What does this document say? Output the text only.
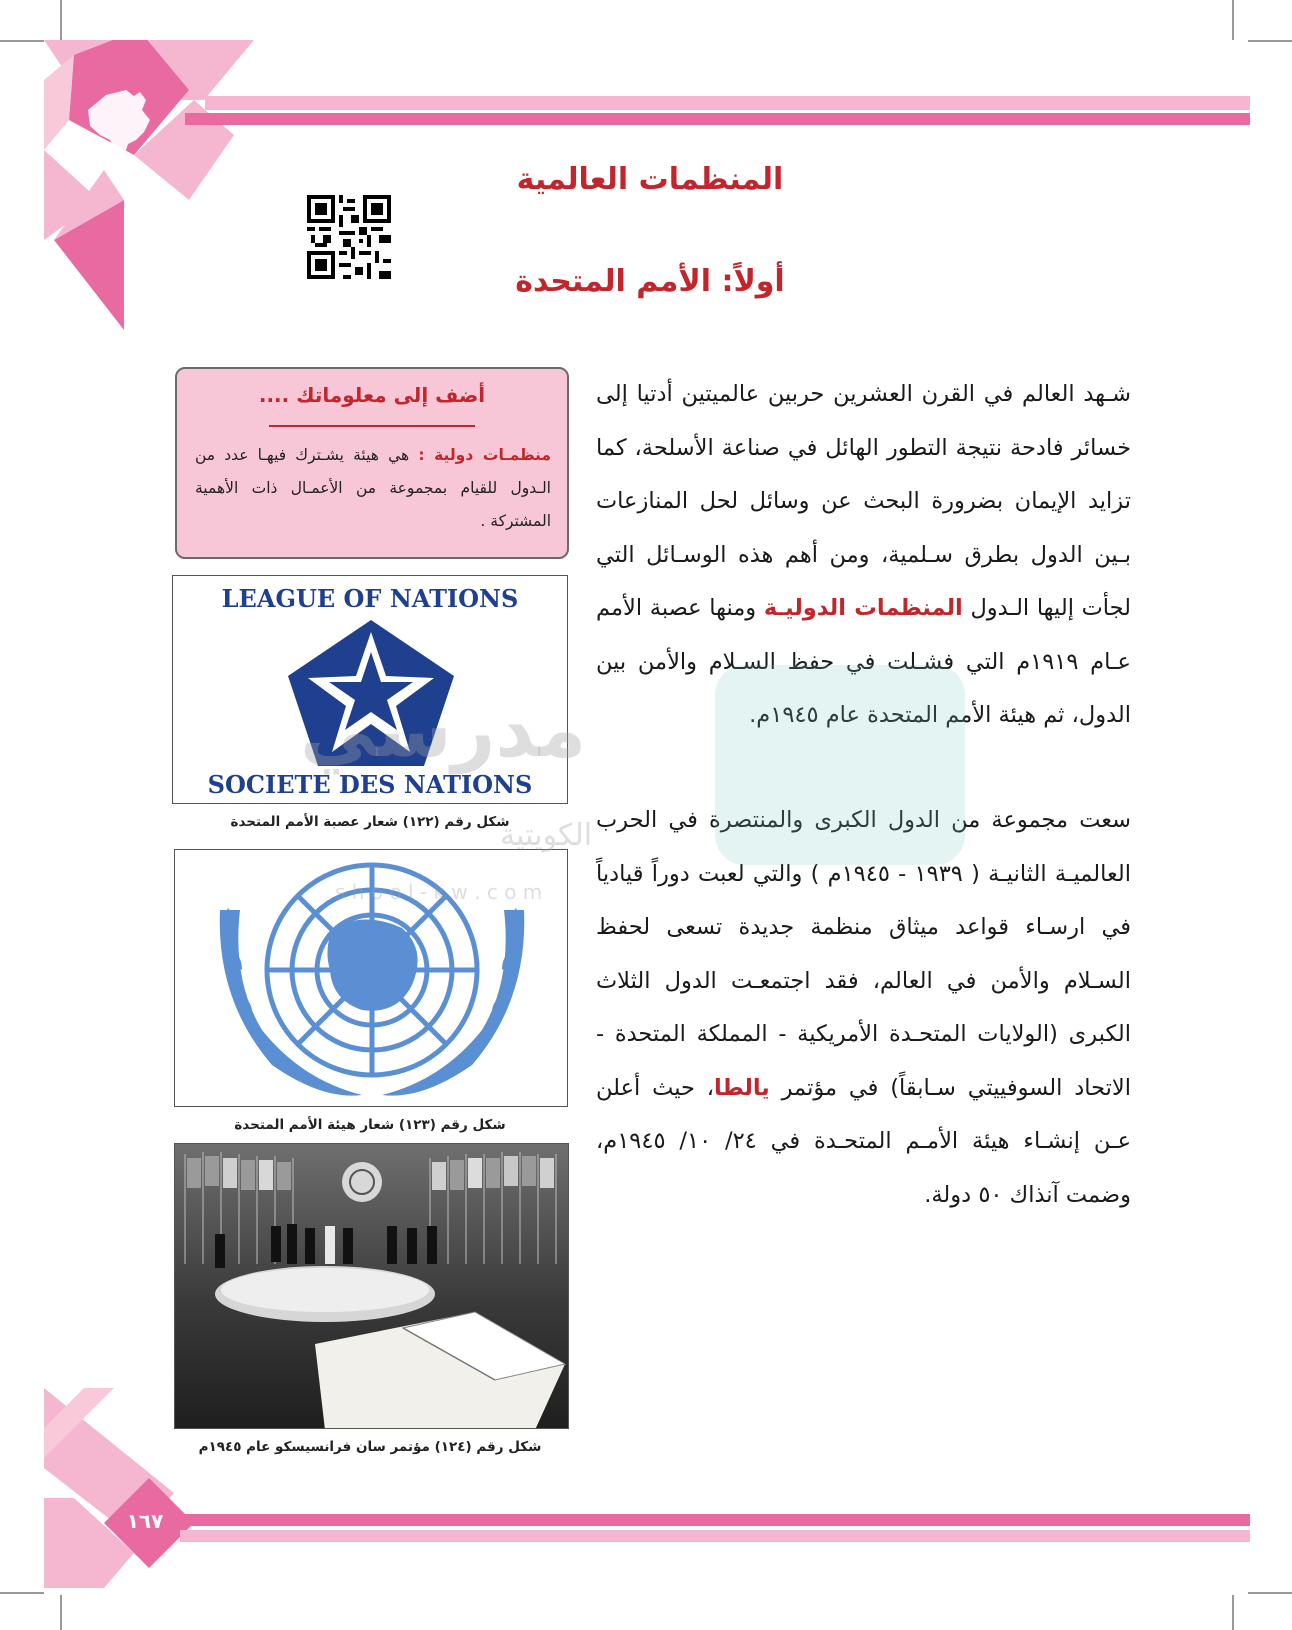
المنظمات العالمية
أولاً: الأمم المتحدة
شـهد العالم في القرن العشرين حربين عالميتين أدتيا إلى خسائر فادحة نتيجة التطور الهائل في صناعة الأسلحة، كما تزايد الإيمان بضرورة البحث عن وسائل لحل المنازعات بـين الدول بطرق سـلمية، ومن أهم هذه الوسـائل التي لجأت إليها الـدول المنظمات الدوليـة ومنها عصبة الأمم عـام ١٩١٩م التي فشـلت في حفظ السـلام والأمن بين الدول، ثم هيئة الأمم المتحدة عام ١٩٤٥م.
سعت مجموعة من الدول الكبرى والمنتصرة في الحرب العالميـة الثانيـة ( ١٩٣٩ - ١٩٤٥م ) والتي لعبت دوراً قيادياً في ارسـاء قواعد ميثاق منظمة جديدة تسعى لحفظ السـلام والأمن في العالم، فقد اجتمعـت الدول الثلاث الكبرى (الولايات المتحـدة الأمريكية - المملكة المتحدة - الاتحاد السوفييتي سـابقاً) في مؤتمر يالطا، حيث أعلن عـن إنشـاء هيئة الأمـم المتحـدة في ٢٤/ ١٠/ ١٩٤٥م، وضمت آنذاك ٥٠ دولة.
أضف إلى معلوماتك ....
منظمـات دولية : هي هيئة يشـترك فيهـا عدد من الـدول للقيام بمجموعة من الأعمـال ذات الأهمية المشتركة .
LEAGUE OF NATIONS
SOCIETE DES NATIONS
شكل رقم (١٢٢) شعار عصبة الأمم المتحدة
شكل رقم (١٢٣) شعار هيئة الأمم المتحدة
شكل رقم (١٢٤) مؤتمر سان فرانسيسكو عام ١٩٤٥م
مدرسي
الكويتية
s h o o l - k w . c o m
١٦٧
